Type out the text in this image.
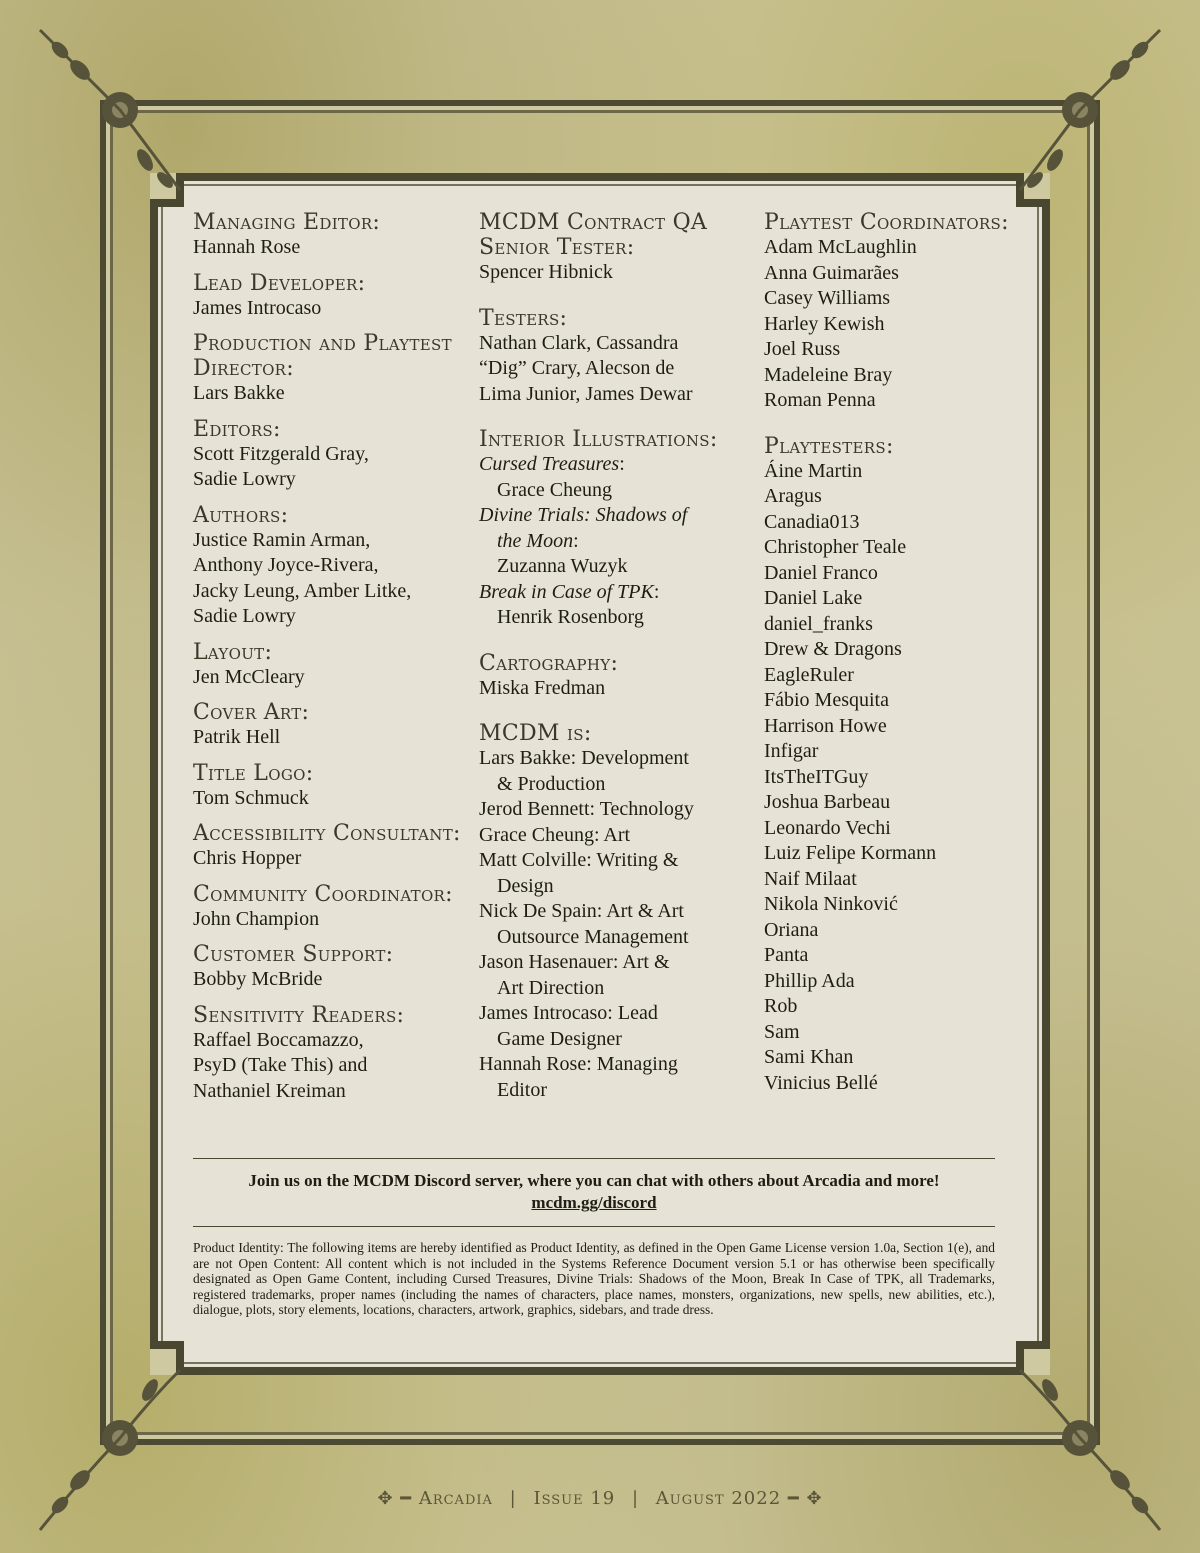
Managing Editor:
Hannah Rose
Lead Developer:
James Introcaso
Production and Playtest Director:
Lars Bakke
Editors:
Scott Fitzgerald Gray,
Sadie Lowry
Authors:
Justice Ramin Arman,
Anthony Joyce-Rivera,
Jacky Leung, Amber Litke,
Sadie Lowry
Layout:
Jen McCleary
Cover Art:
Patrik Hell
Title Logo:
Tom Schmuck
Accessibility Consultant:
Chris Hopper
Community Coordinator:
John Champion
Customer Support:
Bobby McBride
Sensitivity Readers:
Raffael Boccamazzo,
PsyD (Take This) and
Nathaniel Kreiman
MCDM Contract QA Senior Tester:
Spencer Hibnick
Testers:
Nathan Clark, Cassandra
“Dig” Crary, Alecson de
Lima Junior, James Dewar
Interior Illustrations:
Cursed Treasures:
Grace Cheung
Divine Trials: Shadows of
the Moon:
Zuzanna Wuzyk
Break in Case of TPK:
Henrik Rosenborg
Cartography:
Miska Fredman
MCDM is:
Lars Bakke: Development
& Production
Jerod Bennett: Technology
Grace Cheung: Art
Matt Colville: Writing &
Design
Nick De Spain: Art & Art
Outsource Management
Jason Hasenauer: Art &
Art Direction
James Introcaso: Lead
Game Designer
Hannah Rose: Managing
Editor
Playtest Coordinators:
Adam McLaughlin
Anna Guimarães
Casey Williams
Harley Kewish
Joel Russ
Madeleine Bray
Roman Penna
Playtesters:
Áine Martin
Aragus
Canadia013
Christopher Teale
Daniel Franco
Daniel Lake
daniel_franks
Drew & Dragons
EagleRuler
Fábio Mesquita
Harrison Howe
Infigar
ItsTheITGuy
Joshua Barbeau
Leonardo Vechi
Luiz Felipe Kormann
Naif Milaat
Nikola Ninković
Oriana
Panta
Phillip Ada
Rob
Sam
Sami Khan
Vinicius Bellé
Join us on the MCDM Discord server, where you can chat with others about Arcadia and more!
mcdm.gg/discord
Product Identity: The following items are hereby identified as Product Identity, as defined in the Open Game License version 1.0a, Section 1(e), and are not Open Content: All content which is not included in the Systems Reference Document version 5.1 or has otherwise been specifically designated as Open Game Content, including Cursed Treasures, Divine Trials: Shadows of the Moon, Break In Case of TPK, all Trademarks, registered trademarks, proper names (including the names of characters, place names, monsters, organizations, new spells, new abilities, etc.), dialogue, plots, story elements, locations, characters, artwork, graphics, sidebars, and trade dress.
✥ ━ Arcadia | Issue 19 | August 2022 ━ ✥
